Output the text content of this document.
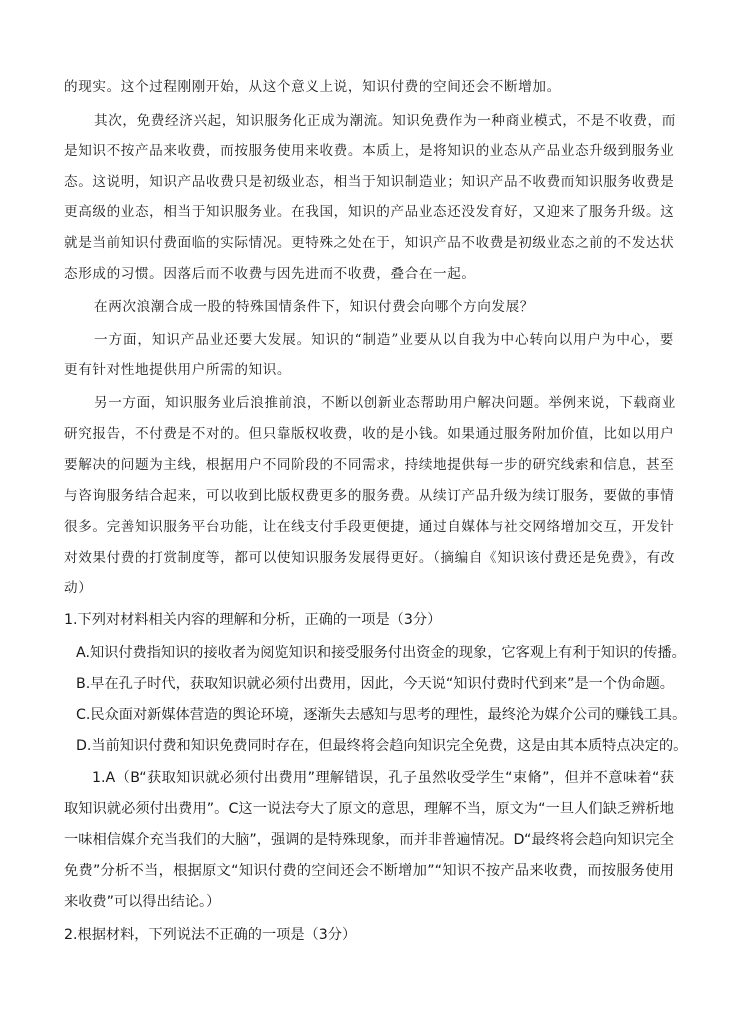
的现实。这个过程刚刚开始，从这个意义上说，知识付费的空间还会不断增加。

其次，免费经济兴起，知识服务化正成为潮流。知识免费作为一种商业模式，不是不收费，而

是知识不按产品来收费，而按服务使用来收费。本质上，是将知识的业态从产品业态升级到服务业

态。这说明，知识产品收费只是初级业态，相当于知识制造业；知识产品不收费而知识服务收费是

更高级的业态，相当于知识服务业。在我国，知识的产品业态还没发育好，又迎来了服务升级。这

就是当前知识付费面临的实际情况。更特殊之处在于，知识产品不收费是初级业态之前的不发达状

态形成的习惯。因落后而不收费与因先进而不收费，叠合在一起。

在两次浪潮合成一股的特殊国情条件下，知识付费会向哪个方向发展？

一方面，知识产品业还要大发展。知识的“制造”业要从以自我为中心转向以用户为中心，要

更有针对性地提供用户所需的知识。

另一方面，知识服务业后浪推前浪，不断以创新业态帮助用户解决问题。举例来说，下载商业

研究报告，不付费是不对的。但只靠版权收费，收的是小钱。如果通过服务附加价值，比如以用户

要解决的问题为主线，根据用户不同阶段的不同需求，持续地提供每一步的研究线索和信息，甚至

与咨询服务结合起来，可以收到比版权费更多的服务费。从续订产品升级为续订服务，要做的事情

很多。完善知识服务平台功能，让在线支付手段更便捷，通过自媒体与社交网络增加交互，开发针

对效果付费的打赏制度等，都可以使知识服务发展得更好。（摘编自《知识该付费还是免费》，有改

动）

1.下列对材料相关内容的理解和分析，正确的一项是（3分）

A.知识付费指知识的接收者为阅览知识和接受服务付出资金的现象，它客观上有利于知识的传播。

B.早在孔子时代，获取知识就必须付出费用，因此，今天说“知识付费时代到来”是一个伪命题。

C.民众面对新媒体营造的舆论环境，逐渐失去感知与思考的理性，最终沦为媒介公司的赚钱工具。

D.当前知识付费和知识免费同时存在，但最终将会趋向知识完全免费，这是由其本质特点决定的。

1.A（B“获取知识就必须付出费用”理解错误，孔子虽然收受学生“束脩”，但并不意味着“获

取知识就必须付出费用”。C这一说法夸大了原文的意思，理解不当，原文为“一旦人们缺乏辨析地

一味相信媒介充当我们的大脑”，强调的是特殊现象，而并非普遍情况。D“最终将会趋向知识完全

免费”分析不当，根据原文“知识付费的空间还会不断增加”“知识不按产品来收费，而按服务使用

来收费”可以得出结论。）

2.根据材料，下列说法不正确的一项是（3分）
